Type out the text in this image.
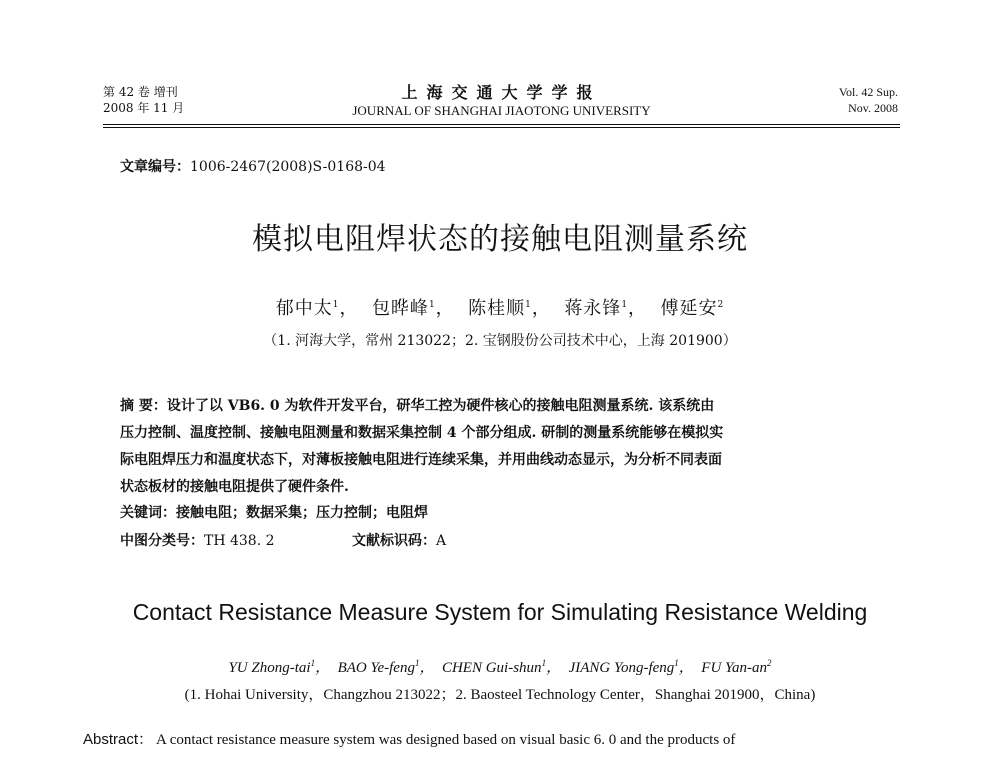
第 42 卷 增刊
2008 年 11 月
上海交通大学学报
JOURNAL OF SHANGHAI JIAOTONG UNIVERSITY
Vol. 42 Sup.
Nov. 2008
文章编号：1006-2467(2008)S-0168-04
模拟电阻焊状态的接触电阻测量系统
郁中太$^1$， 包晔峰$^1$， 陈桂顺$^1$， 蒋永锋$^1$， 傅延安$^2$
（1. 河海大学，常州 213022；2. 宝钢股份公司技术中心，上海 201900）
摘 要：设计了以 VB6. 0 为软件开发平台，研华工控为硬件核心的接触电阻测量系统. 该系统由
压力控制、温度控制、接触电阻测量和数据采集控制 4 个部分组成. 研制的测量系统能够在模拟实
际电阻焊压力和温度状态下，对薄板接触电阻进行连续采集，并用曲线动态显示，为分析不同表面
状态板材的接触电阻提供了硬件条件.
关键词：接触电阻；数据采集；压力控制；电阻焊
中图分类号：TH 438. 2	文献标识码：A
Contact Resistance Measure System for Simulating Resistance Welding
YU Zhong-tai$^1$， BAO Ye-feng$^1$， CHEN Gui-shun$^1$， JIANG Yong-feng$^1$， FU Yan-$an^2$
(1. Hohai University，Changzhou 213022；2. Baosteel Technology Center，Shanghai 201900，China)
Abstract： A contact resistance measure system was designed based on visual basic 6. 0 and the products of
